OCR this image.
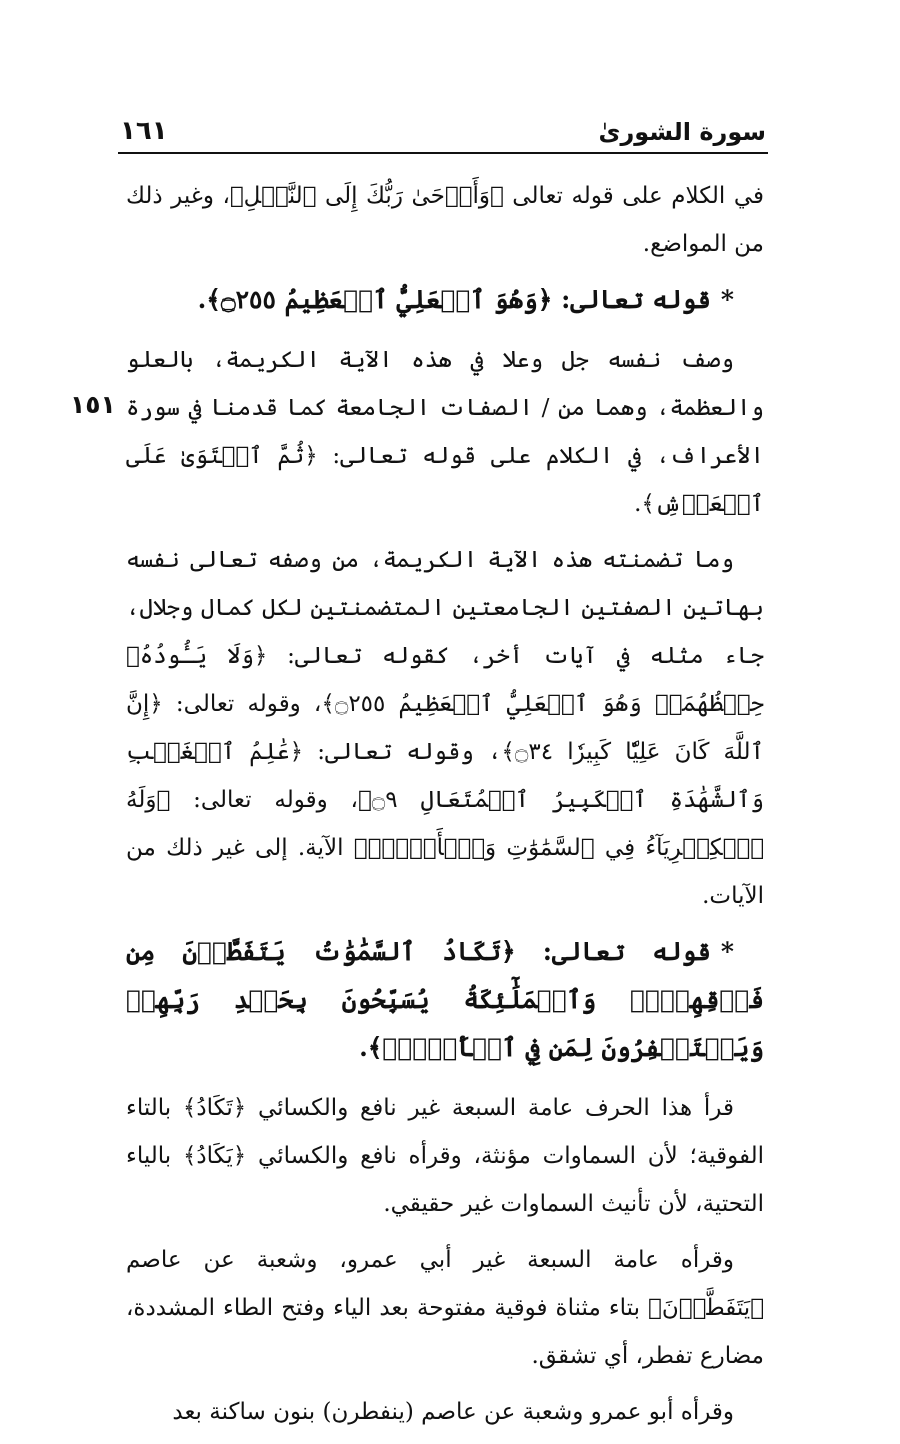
سورة الشورىٰ
١٦١
١٥١

في الكلام على قوله تعالى ﴿وَأَوۡحَىٰ رَبُّكَ إِلَى ٱلنَّحۡلِ﴾، وغير ذلك من المواضع.

*قوله تعالى: ﴿وَهُوَ ٱلۡعَلِيُّ ٱلۡعَظِيمُ ۝٢٥٥﴾.

وصف نفسه جل وعلا في هذه الآية الكريمة، بالعلو والعظمة، وهما من / الصفات الجامعة كما قدمنا في سورة الأعراف، في الكلام على قوله تعالى: ﴿ثُمَّ ٱسۡتَوَىٰ عَلَى ٱلۡعَرۡشِ﴾.

وما تضمنته هذه الآية الكريمة، من وصفه تعالى نفسه بهاتين الصفتين الجامعتين المتضمنتين لكل كمال وجلال، جاء مثله في آيات أخر، كقوله تعالى: ﴿وَلَا يَـُٔودُهُۥ حِفۡظُهُمَاۚ وَهُوَ ٱلۡعَلِيُّ ٱلۡعَظِيمُ ۝٢٥٥﴾، وقوله تعالى: ﴿إِنَّ ٱللَّهَ كَانَ عَلِيّٗا كَبِيرٗا ۝٣٤﴾، وقوله تعالى: ﴿عَٰلِمُ ٱلۡغَيۡبِ وَٱلشَّهَٰدَةِ ٱلۡكَبِيرُ ٱلۡمُتَعَالِ ۝٩﴾، وقوله تعالى: ﴿وَلَهُ ٱلۡكِبۡرِيَآءُ فِي ٱلسَّمَٰوَٰتِ وَٱلۡأَرۡضِۖ﴾ الآية. إلى غير ذلك من الآيات.

*قوله تعالى: ﴿تَكَادُ ٱلسَّمَٰوَٰتُ يَتَفَطَّرۡنَ مِن فَوۡقِهِنَّۚ وَٱلۡمَلَٰٓئِكَةُ يُسَبِّحُونَ بِحَمۡدِ رَبِّهِمۡ وَيَسۡتَغۡفِرُونَ لِمَن فِي ٱلۡأَرۡضِۗ﴾.

قرأ هذا الحرف عامة السبعة غير نافع والكسائي ﴿تَكَادُ﴾ بالتاء الفوقية؛ لأن السماوات مؤنثة، وقرأه نافع والكسائي ﴿يَكَادُ﴾ بالياء التحتية، لأن تأنيث السماوات غير حقيقي.

وقرأه عامة السبعة غير أبي عمرو، وشعبة عن عاصم ﴿يَتَفَطَّرۡنَ﴾ بتاء مثناة فوقية مفتوحة بعد الياء وفتح الطاء المشددة، مضارع تفطر، أي تشقق.

وقرأه أبو عمرو وشعبة عن عاصم (ينفطرن) بنون ساكنة بعد
